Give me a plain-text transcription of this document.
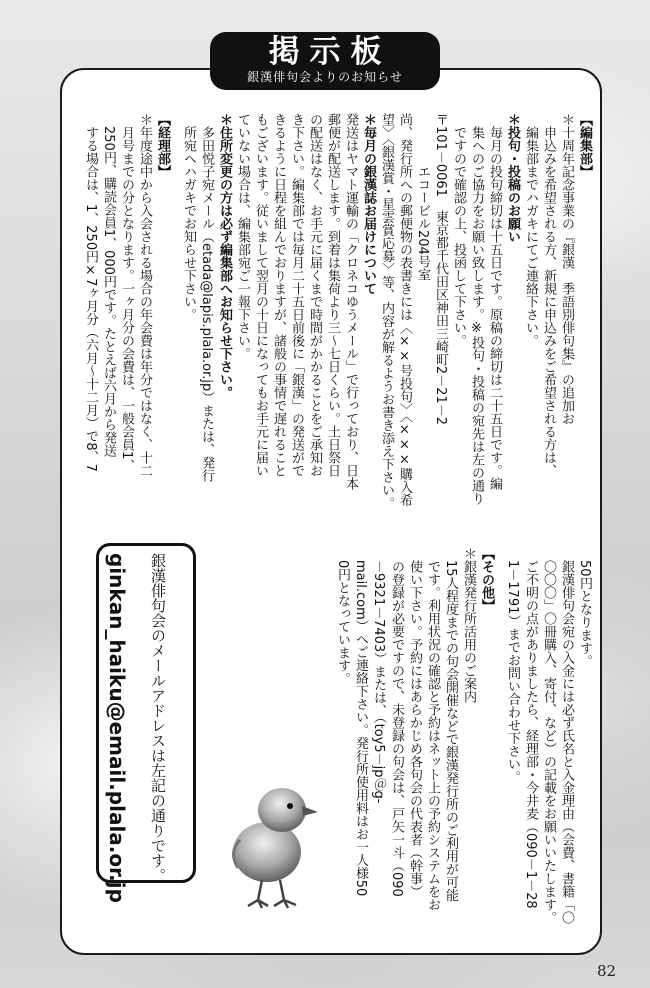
掲示板
銀漢俳句会よりのお知らせ
【編集部】
＊十周年記念事業の『銀漢　季語別俳句集』の追加お
　申込みを希望される方、新規に申込みをご希望される方は、
　編集部までハガキにてご連絡下さい。
＊投句・投稿のお願い
　毎月の投句締切は十五日です。原稿の締切は二十五日です。編
　集へのご協力をお願い致します。※投句・投稿の宛先は左の通り
　ですので確認の上、投函して下さい。
〒101－0061　東京都千代田区神田三崎町2－21－2
　　　　エコービル204号室
尚、発行所への郵便物の表書きには〈××号投句〉〈×××購入希
望〉〈銀漢賞・星雲賞応募〉等、内容が解るようお書き添え下さい。
＊毎月の銀漢誌お届けについて
発送はヤマト運輸の「クロネコゆうメール」で行っており、日本
郵便が配送します。到着は集荷より三～七日くらい。土日祭日
の配送はなく、お手元に届くまで時間がかかることをご承知お
き下さい。編集部では毎月二十五日前後に「銀漢」の発送がで
きるように日程を組んでおりますが、諸般の事情で遅れること
もございます。従いまして翌月の十日になってもお手元に届い
ていない場合は、編集部宛ご一報下さい。
＊住所変更の方は必ず編集部へお知らせ下さい。
　多田悦子宛メール（etada@lapis.plala.or.jp）または、発行
　所宛へハガキでお知らせ下さい。
【経理部】
＊年度途中から入会される場合の年会費は年分ではなく、十二
　月号までの分となります。一ヶ月分の会費は、一般会員1、
　250円、購読会員1、000円です。たとえば六月から発送
　する場合は、1、250円×7ヶ月分（六月～十二月）で8、7
　50円となります。
　銀漢俳句会宛の入金には必ず氏名と入金理由（会費、書籍「〇
　〇〇〇」〇冊購入、寄付、など）の記載をお願いいたします。
　ご不明の点がありましたら、経理部・今井麦（090－1－28
　1－1791）までお問い合わせ下さい。
【その他】
＊銀漢発行所活用のご案内
　15人程度までの句会開催などで銀漢発行所のご利用が可能
　です。利用状況の確認と予約はネット上の予約システムをお
　使い下さい。予約にはあらかじめ各句会の代表者（幹事）
　の登録が必要ですので、未登録の句会は、戸矢一斗（090
　－9321－7403）または、（toy5－jp＠g-
　mail.com）へご連絡下さい。発行所使用料はお一人様50
　0円となっています。
銀漢俳句会のメールアドレスは左記の通りです。
ginkan_haiku@email.plala.or.jp
82
